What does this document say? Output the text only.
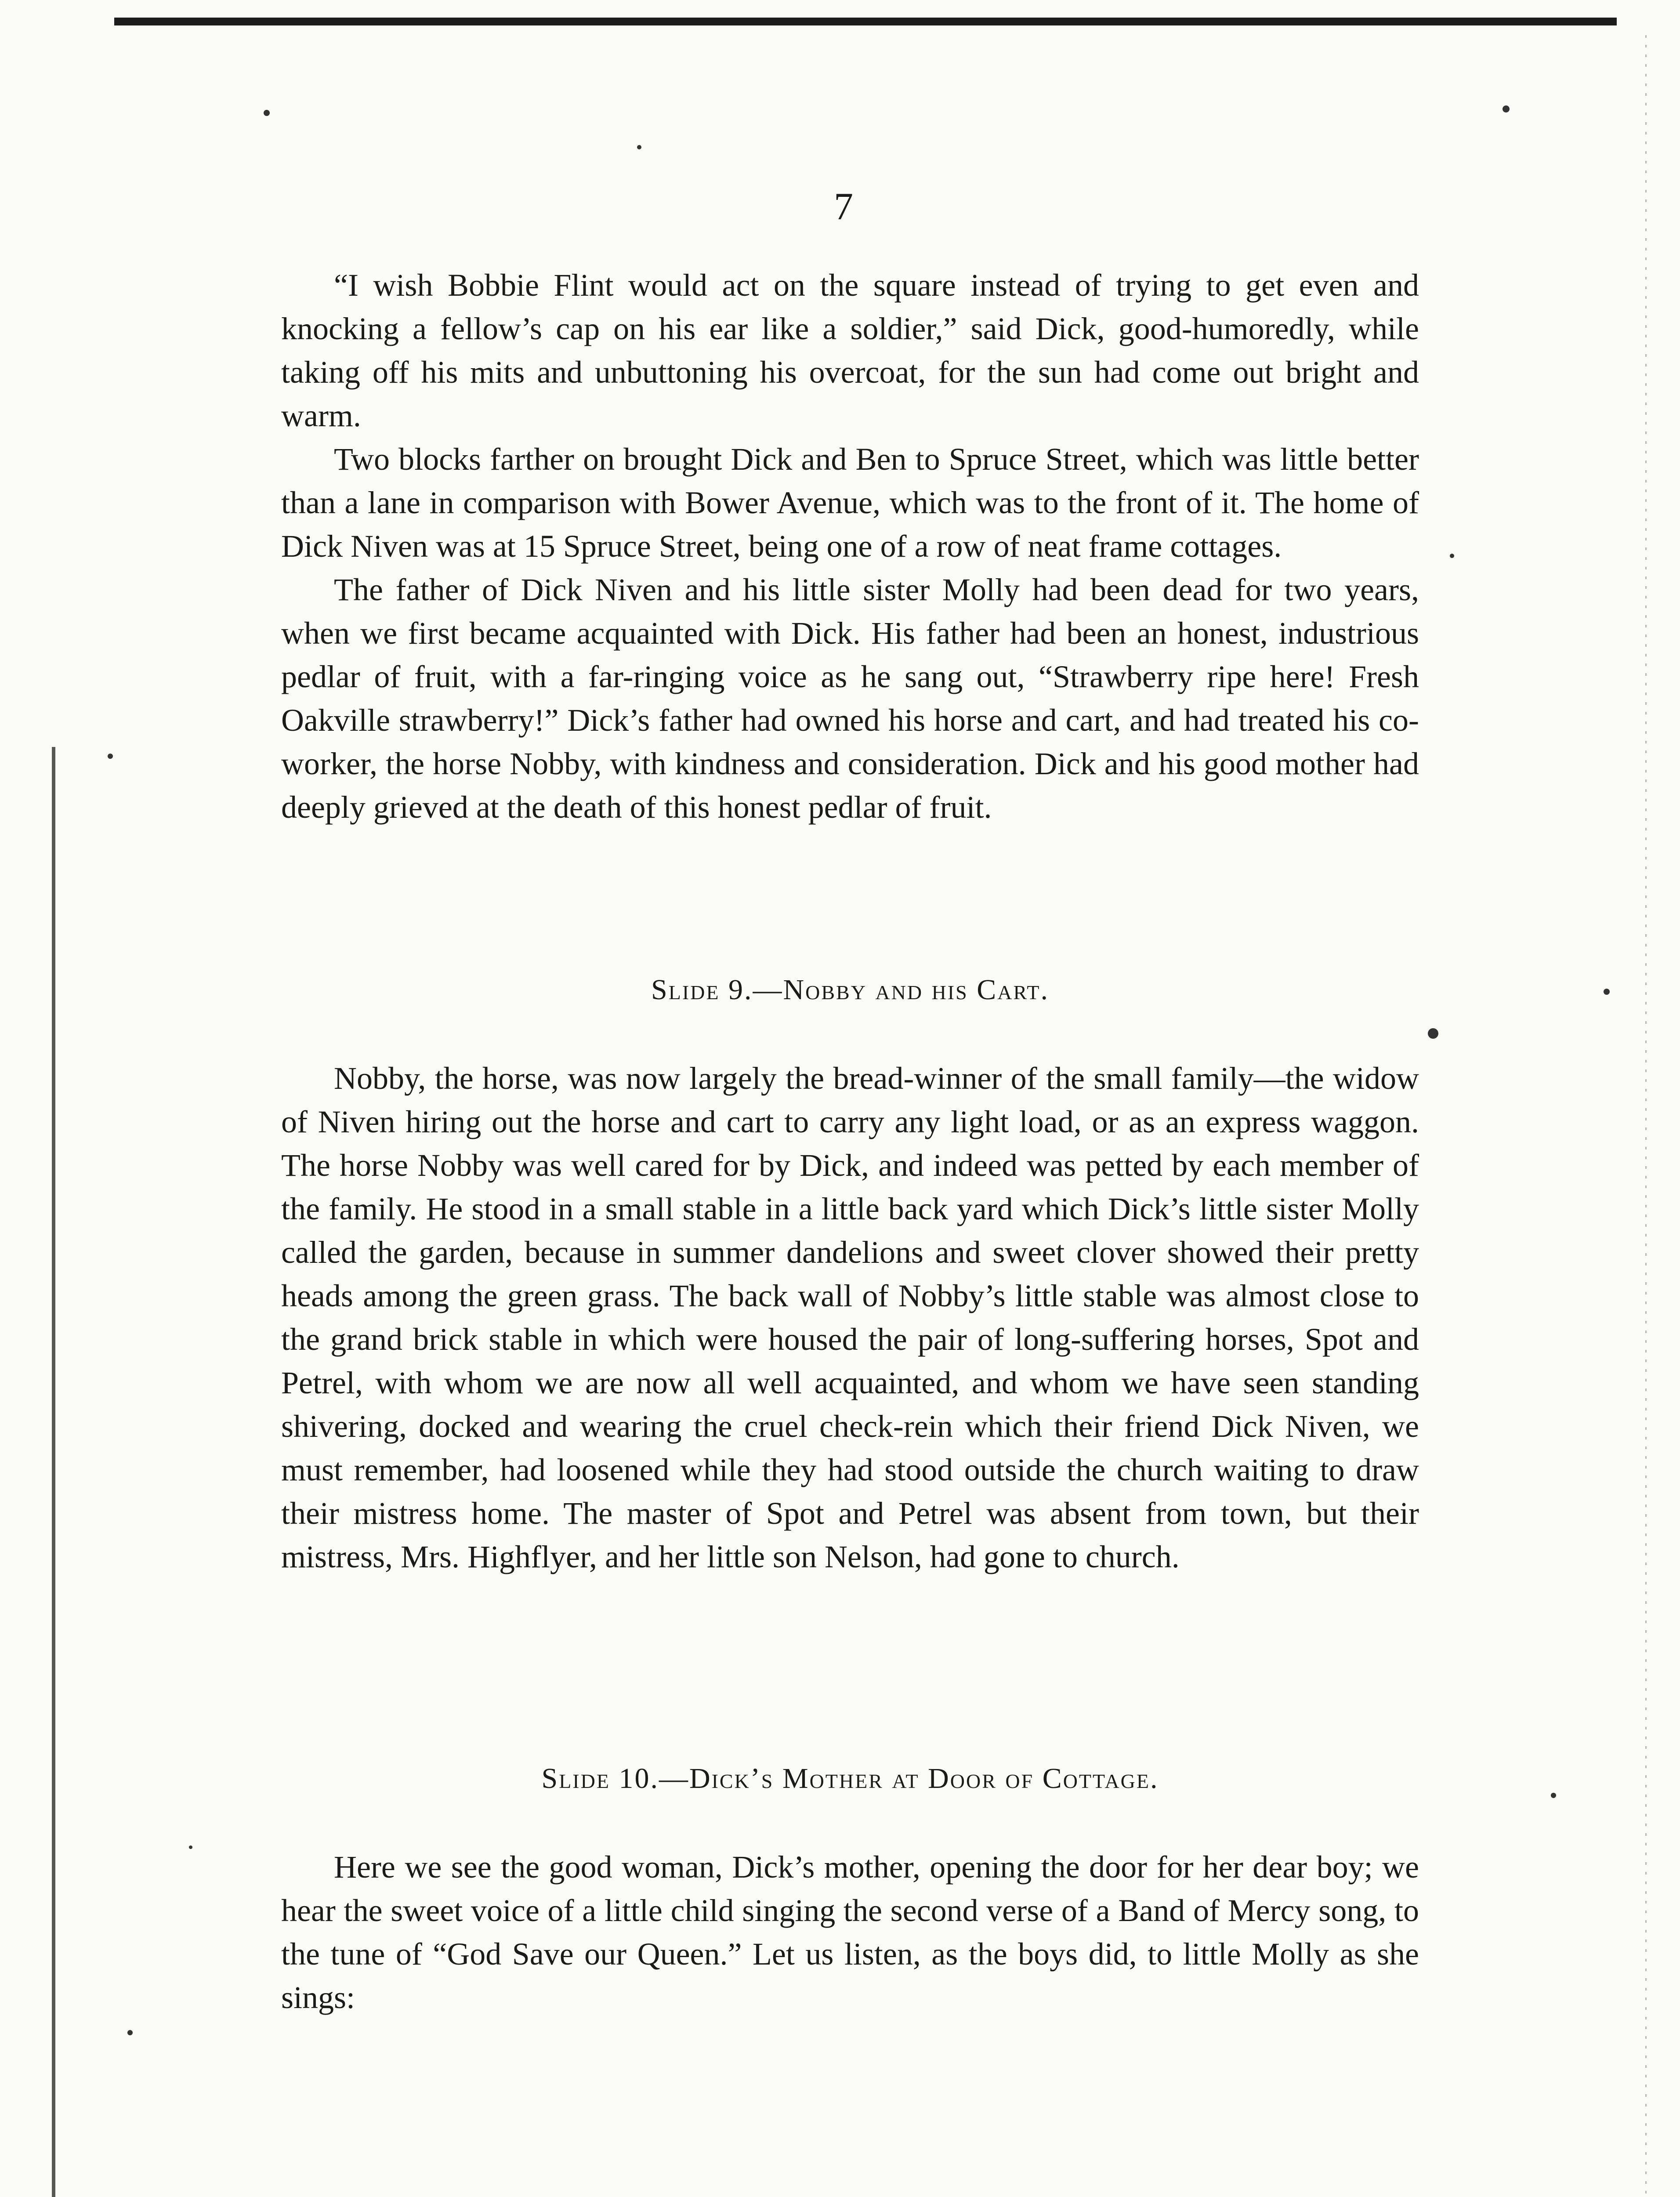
7

“I wish Bobbie Flint would act on the square instead of trying to get even and knocking a fellow’s cap on his ear like a soldier,” said Dick, good-humoredly, while taking off his mits and unbuttoning his overcoat, for the sun had come out bright and warm.

Two blocks farther on brought Dick and Ben to Spruce Street, which was little better than a lane in comparison with Bower Avenue, which was to the front of it. The home of Dick Niven was at 15 Spruce Street, being one of a row of neat frame cottages.

The father of Dick Niven and his little sister Molly had been dead for two years, when we first became acquainted with Dick. His father had been an honest, industrious pedlar of fruit, with a far-ringing voice as he sang out, “Strawberry ripe here! Fresh Oakville strawberry!” Dick’s father had owned his horse and cart, and had treated his co-worker, the horse Nobby, with kindness and consideration. Dick and his good mother had deeply grieved at the death of this honest pedlar of fruit.

Slide 9.—Nobby and his Cart.

Nobby, the horse, was now largely the bread-winner of the small family—the widow of Niven hiring out the horse and cart to carry any light load, or as an express waggon. The horse Nobby was well cared for by Dick, and indeed was petted by each member of the family. He stood in a small stable in a little back yard which Dick’s little sister Molly called the garden, because in summer dandelions and sweet clover showed their pretty heads among the green grass. The back wall of Nobby’s little stable was almost close to the grand brick stable in which were housed the pair of long-suffering horses, Spot and Petrel, with whom we are now all well acquainted, and whom we have seen standing shivering, docked and wearing the cruel check-rein which their friend Dick Niven, we must remember, had loosened while they had stood outside the church waiting to draw their mistress home. The master of Spot and Petrel was absent from town, but their mistress, Mrs. Highflyer, and her little son Nelson, had gone to church.

Slide 10.—Dick’s Mother at Door of Cottage.

Here we see the good woman, Dick’s mother, opening the door for her dear boy; we hear the sweet voice of a little child singing the second verse of a Band of Mercy song, to the tune of “God Save our Queen.” Let us listen, as the boys did, to little Molly as she sings:
